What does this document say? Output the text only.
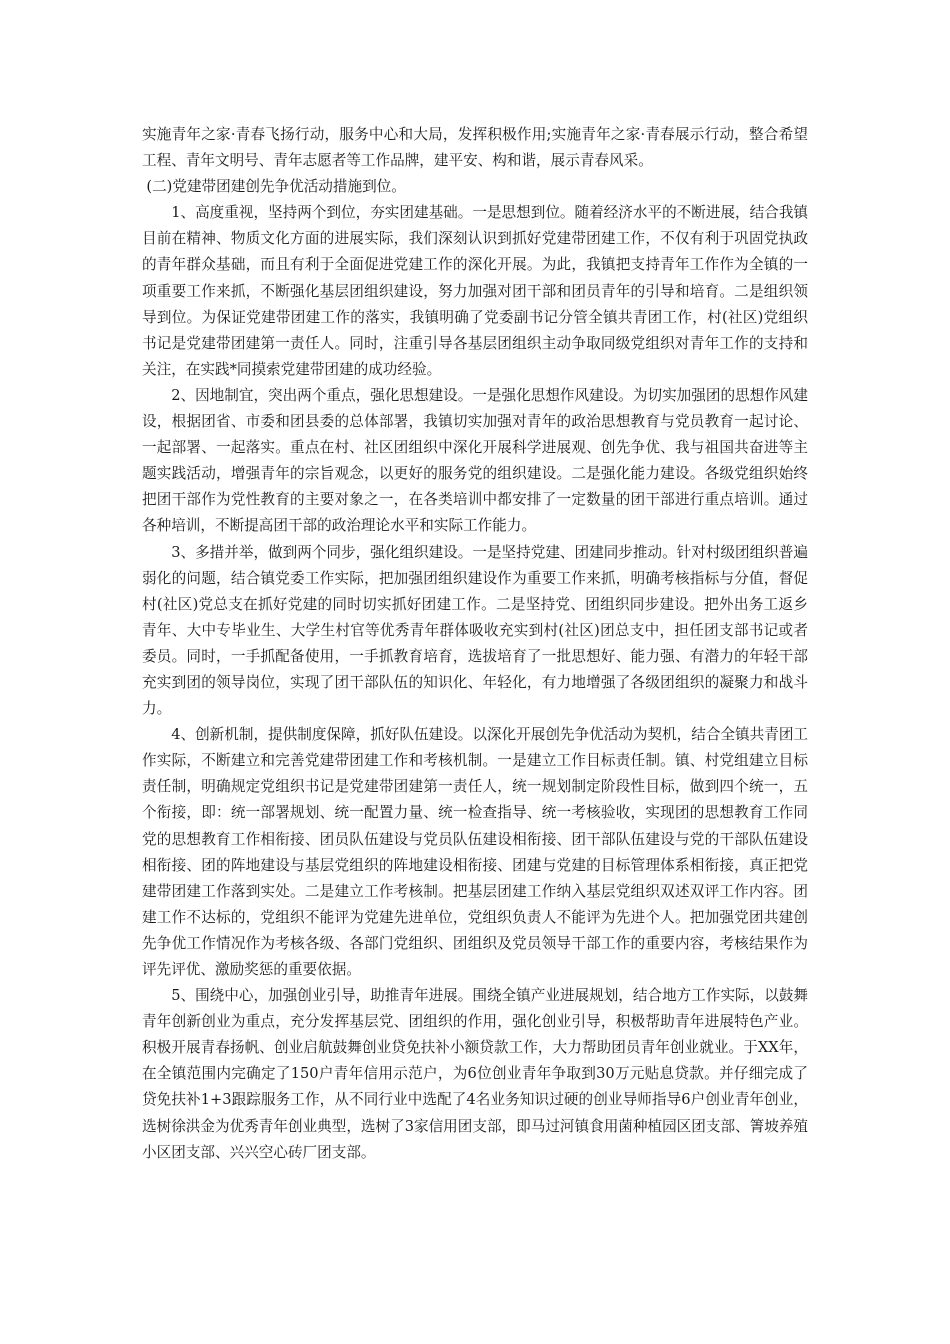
实施青年之家·青春飞扬行动，服务中心和大局，发挥积极作用;实施青年之家·青春展示行动，整合希望工程、青年文明号、青年志愿者等工作品牌，建平安、构和谐，展示青春风采。

(二)党建带团建创先争优活动措施到位。

1、高度重视，坚持两个到位，夯实团建基础。一是思想到位。随着经济水平的不断进展，结合我镇目前在精神、物质文化方面的进展实际，我们深刻认识到抓好党建带团建工作，不仅有利于巩固党执政的青年群众基础，而且有利于全面促进党建工作的深化开展。为此，我镇把支持青年工作作为全镇的一项重要工作来抓，不断强化基层团组织建设，努力加强对团干部和团员青年的引导和培育。二是组织领导到位。为保证党建带团建工作的落实，我镇明确了党委副书记分管全镇共青团工作，村(社区)党组织书记是党建带团建第一责任人。同时，注重引导各基层团组织主动争取同级党组织对青年工作的支持和关注，在实践*同摸索党建带团建的成功经验。

2、因地制宜，突出两个重点，强化思想建设。一是强化思想作风建设。为切实加强团的思想作风建设，根据团省、市委和团县委的总体部署，我镇切实加强对青年的政治思想教育与党员教育一起讨论、一起部署、一起落实。重点在村、社区团组织中深化开展科学进展观、创先争优、我与祖国共奋进等主题实践活动，增强青年的宗旨观念，以更好的服务党的组织建设。二是强化能力建设。各级党组织始终把团干部作为党性教育的主要对象之一，在各类培训中都安排了一定数量的团干部进行重点培训。通过各种培训，不断提高团干部的政治理论水平和实际工作能力。

3、多措并举，做到两个同步，强化组织建设。一是坚持党建、团建同步推动。针对村级团组织普遍弱化的问题，结合镇党委工作实际，把加强团组织建设作为重要工作来抓，明确考核指标与分值，督促村(社区)党总支在抓好党建的同时切实抓好团建工作。二是坚持党、团组织同步建设。把外出务工返乡青年、大中专毕业生、大学生村官等优秀青年群体吸收充实到村(社区)团总支中，担任团支部书记或者委员。同时，一手抓配备使用，一手抓教育培育，选拔培育了一批思想好、能力强、有潜力的年轻干部充实到团的领导岗位，实现了团干部队伍的知识化、年轻化，有力地增强了各级团组织的凝聚力和战斗力。

4、创新机制，提供制度保障，抓好队伍建设。以深化开展创先争优活动为契机，结合全镇共青团工作实际，不断建立和完善党建带团建工作和考核机制。一是建立工作目标责任制。镇、村党组建立目标责任制，明确规定党组织书记是党建带团建第一责任人，统一规划制定阶段性目标，做到四个统一，五个衔接，即：统一部署规划、统一配置力量、统一检查指导、统一考核验收，实现团的思想教育工作同党的思想教育工作相衔接、团员队伍建设与党员队伍建设相衔接、团干部队伍建设与党的干部队伍建设相衔接、团的阵地建设与基层党组织的阵地建设相衔接、团建与党建的目标管理体系相衔接，真正把党建带团建工作落到实处。二是建立工作考核制。把基层团建工作纳入基层党组织双述双评工作内容。团建工作不达标的，党组织不能评为党建先进单位，党组织负责人不能评为先进个人。把加强党团共建创先争优工作情况作为考核各级、各部门党组织、团组织及党员领导干部工作的重要内容，考核结果作为评先评优、激励奖惩的重要依据。

5、围绕中心，加强创业引导，助推青年进展。围绕全镇产业进展规划，结合地方工作实际，以鼓舞青年创新创业为重点，充分发挥基层党、团组织的作用，强化创业引导，积极帮助青年进展特色产业。积极开展青春扬帆、创业启航鼓舞创业贷免扶补小额贷款工作，大力帮助团员青年创业就业。于XX年，在全镇范围内完确定了150户青年信用示范户，为6位创业青年争取到30万元贴息贷款。并仔细完成了贷免扶补1+3跟踪服务工作，从不同行业中选配了4名业务知识过硬的创业导师指导6户创业青年创业，选树徐洪金为优秀青年创业典型，选树了3家信用团支部，即马过河镇食用菌种植园区团支部、箐坡养殖小区团支部、兴兴空心砖厂团支部。
